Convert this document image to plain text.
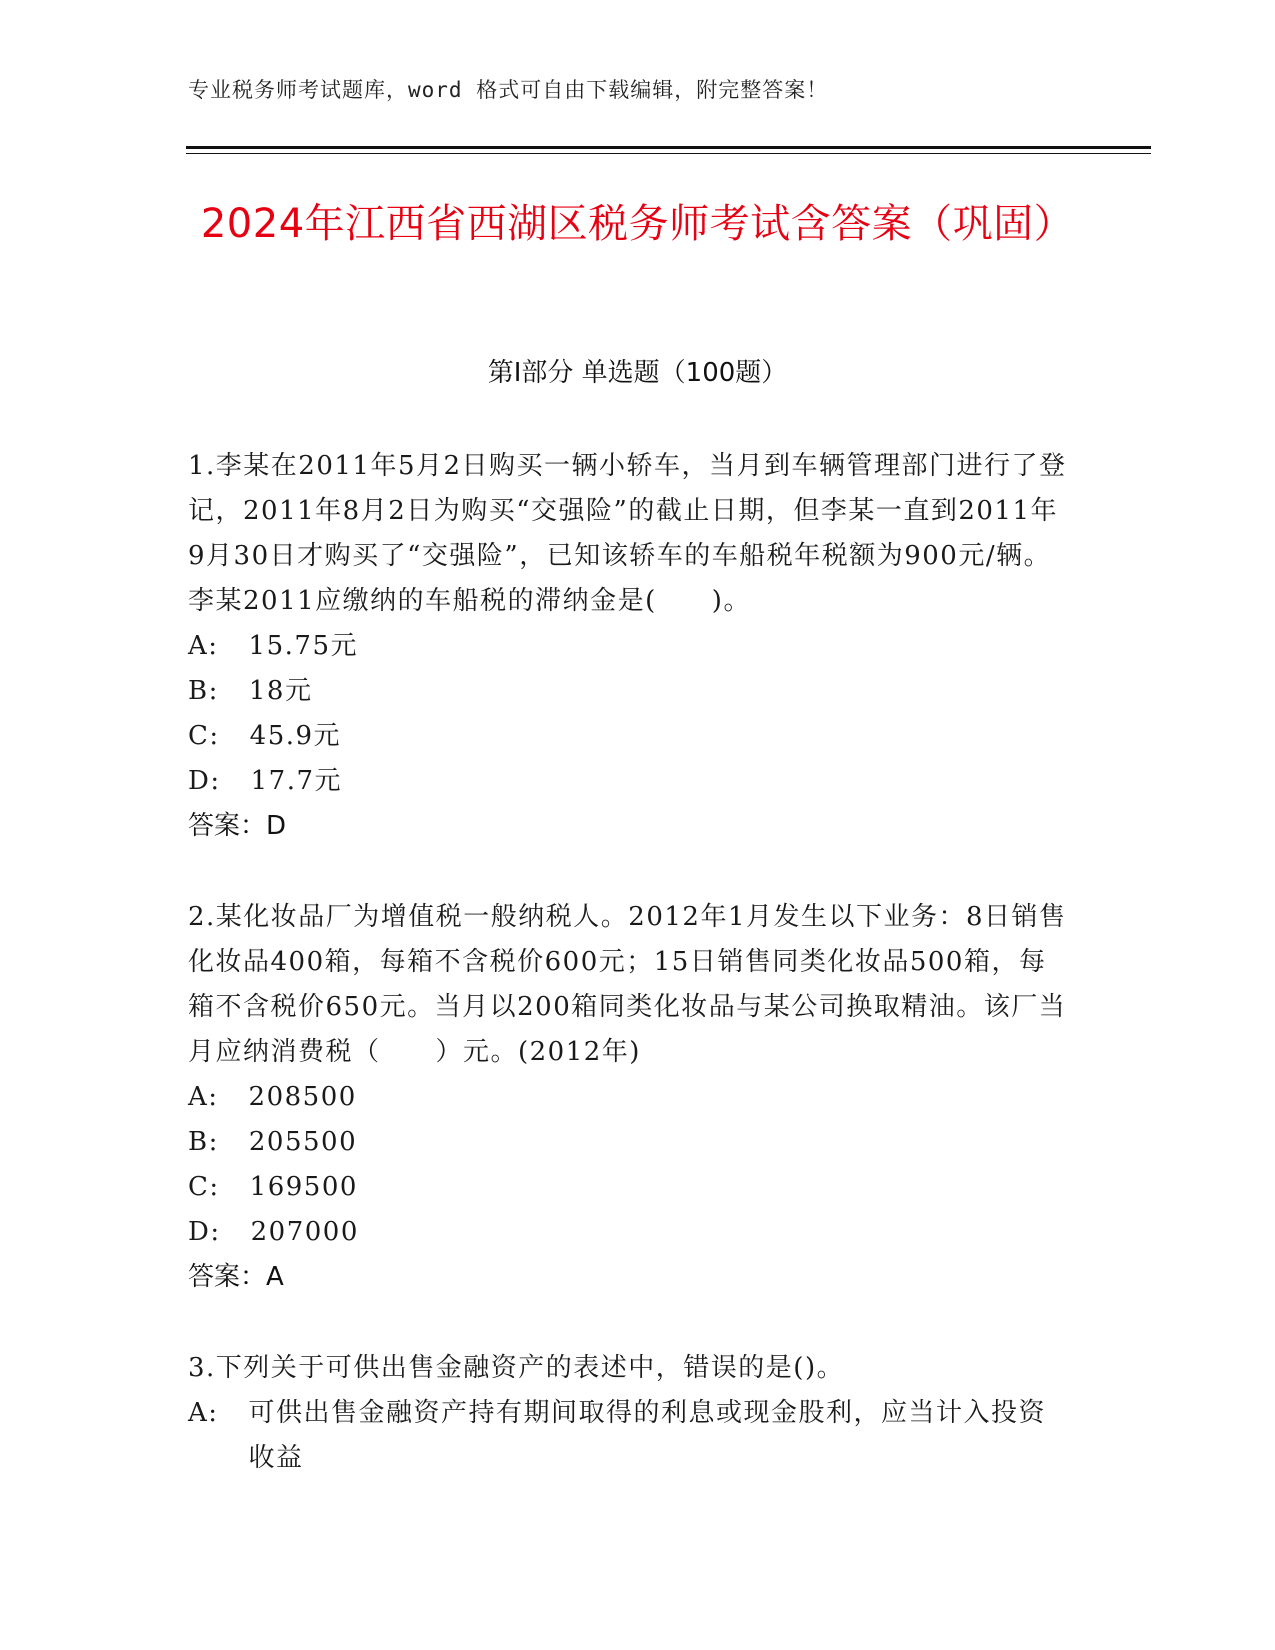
专业税务师考试题库，word 格式可自由下载编辑，附完整答案！
2024年江西省西湖区税务师考试含答案（巩固）
第Ⅰ部分 单选题（100题）

1.李某在2011年5月2日购买一辆小轿车，当月到车辆管理部门进行了登记，2011年8月2日为购买“交强险”的截止日期，但李某一直到2011年9月30日才购买了“交强险”，已知该轿车的车船税年税额为900元/辆。李某2011应缴纳的车船税的滞纳金是(　　)。

A: 15.75元

B: 18元

C: 45.9元

D: 17.7元

答案：D

2.某化妆品厂为增值税一般纳税人。2012年1月发生以下业务：8日销售化妆品400箱，每箱不含税价600元；15日销售同类化妆品500箱，每箱不含税价650元。当月以200箱同类化妆品与某公司换取精油。该厂当月应纳消费税（　　）元。(2012年)

A: 208500

B: 205500

C: 169500

D: 207000

答案：A

3.下列关于可供出售金融资产的表述中，错误的是()。

A: 可供出售金融资产持有期间取得的利息或现金股利，应当计入投资收益
